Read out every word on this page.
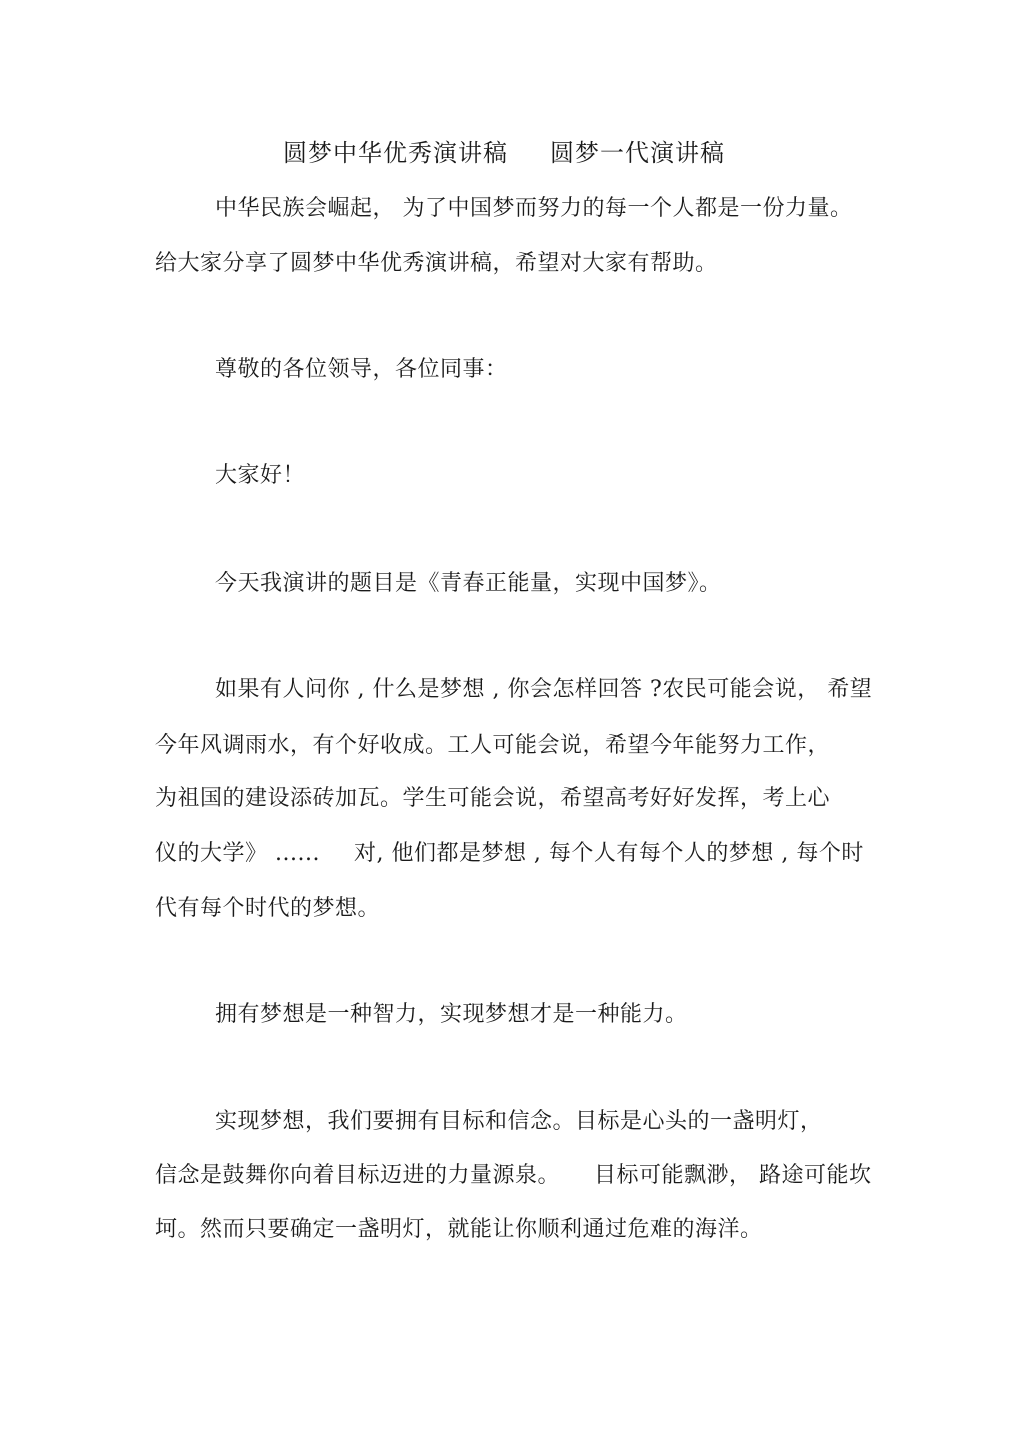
圆梦中华优秀演讲稿 圆梦一代演讲稿
中华民族会崛起， 为了中国梦而努力的每一个人都是一份力量。
给大家分享了圆梦中华优秀演讲稿，希望对大家有帮助。
尊敬的各位领导，各位同事：
大家好！
今天我演讲的题目是《青春正能量，实现中国梦》。
如果有人问你 , 什么是梦想 , 你会怎样回答 ?农民可能会说， 希望
今年风调雨水，有个好收成。工人可能会说，希望今年能努力工作，
为祖国的建设添砖加瓦。学生可能会说，希望高考好好发挥，考上心
仪的大学》 ...... 对, 他们都是梦想 , 每个人有每个人的梦想 , 每个时
代有每个时代的梦想。
拥有梦想是一种智力，实现梦想才是一种能力。
实现梦想，我们要拥有目标和信念。目标是心头的一盏明灯，
信念是鼓舞你向着目标迈进的力量源泉。 目标可能飘渺， 路途可能坎
坷。然而只要确定一盏明灯，就能让你顺利通过危难的海洋。
